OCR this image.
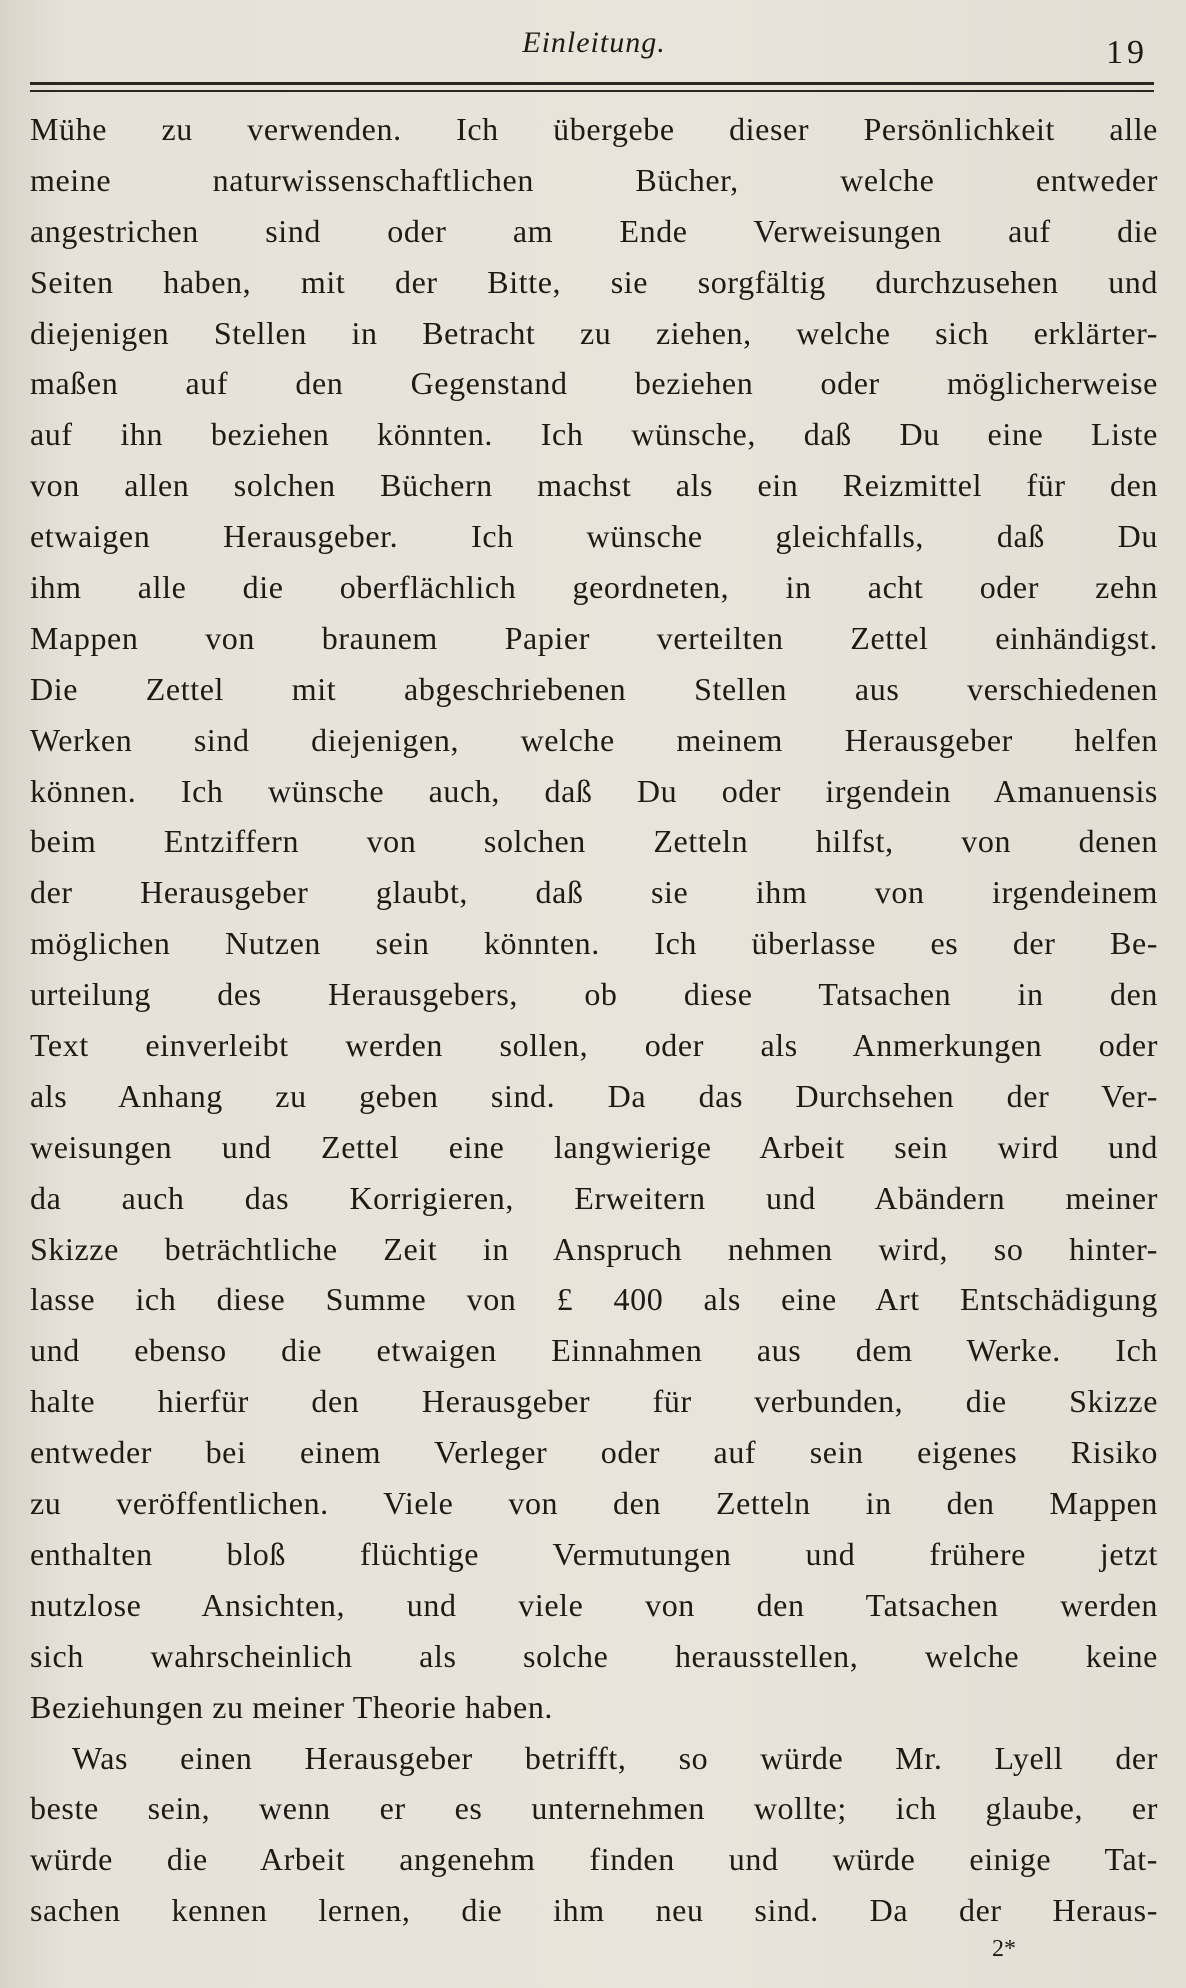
Einleitung.	19
Mühe zu verwenden. Ich übergebe dieser Persönlichkeit alle
meine naturwissenschaftlichen Bücher, welche entweder
angestrichen sind oder am Ende Verweisungen auf die
Seiten haben, mit der Bitte, sie sorgfältig durchzusehen und
diejenigen Stellen in Betracht zu ziehen, welche sich erklärter-
maßen auf den Gegenstand beziehen oder möglicherweise
auf ihn beziehen könnten. Ich wünsche, daß Du eine Liste
von allen solchen Büchern machst als ein Reizmittel für den
etwaigen Herausgeber. Ich wünsche gleichfalls, daß Du
ihm alle die oberflächlich geordneten, in acht oder zehn
Mappen von braunem Papier verteilten Zettel einhändigst.
Die Zettel mit abgeschriebenen Stellen aus verschiedenen
Werken sind diejenigen, welche meinem Herausgeber helfen
können. Ich wünsche auch, daß Du oder irgendein Amanuensis
beim Entziffern von solchen Zetteln hilfst, von denen
der Herausgeber glaubt, daß sie ihm von irgendeinem
möglichen Nutzen sein könnten. Ich überlasse es der Be-
urteilung des Herausgebers, ob diese Tatsachen in den
Text einverleibt werden sollen, oder als Anmerkungen oder
als Anhang zu geben sind. Da das Durchsehen der Ver-
weisungen und Zettel eine langwierige Arbeit sein wird und
da auch das Korrigieren, Erweitern und Abändern meiner
Skizze beträchtliche Zeit in Anspruch nehmen wird, so hinter-
lasse ich diese Summe von £ 400 als eine Art Entschädigung
und ebenso die etwaigen Einnahmen aus dem Werke. Ich
halte hierfür den Herausgeber für verbunden, die Skizze
entweder bei einem Verleger oder auf sein eigenes Risiko
zu veröffentlichen. Viele von den Zetteln in den Mappen
enthalten bloß flüchtige Vermutungen und frühere jetzt
nutzlose Ansichten, und viele von den Tatsachen werden
sich wahrscheinlich als solche herausstellen, welche keine
Beziehungen zu meiner Theorie haben.
Was einen Herausgeber betrifft, so würde Mr. Lyell der
beste sein, wenn er es unternehmen wollte; ich glaube, er
würde die Arbeit angenehm finden und würde einige Tat-
sachen kennen lernen, die ihm neu sind. Da der Heraus-
2*
